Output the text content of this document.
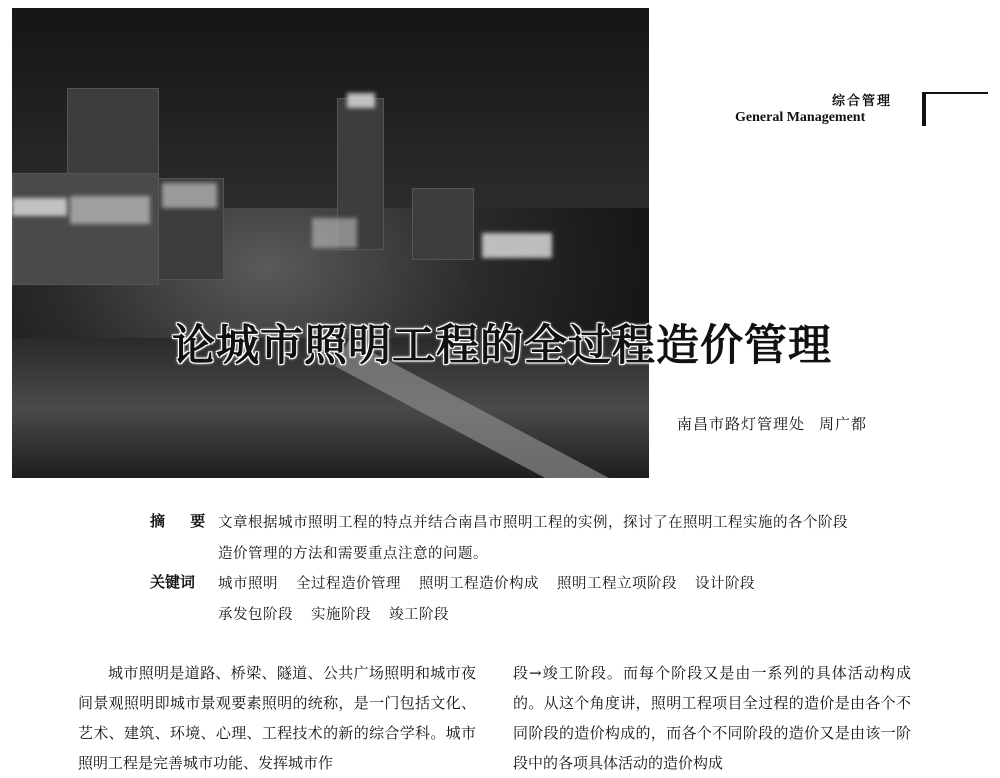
综合管理
General Management
论城市照明工程的全过程造价管理
南昌市路灯管理处 周广都
摘 要 文章根据城市照明工程的特点并结合南昌市照明工程的实例，探讨了在照明工程实施的各个阶段造价管理的方法和需要重点注意的问题。
关键词 城市照明 全过程造价管理 照明工程造价构成 照明工程立项阶段 设计阶段承发包阶段 实施阶段 竣工阶段
城市照明是道路、桥梁、隧道、公共广场照明和城市夜间景观照明即城市景观要素照明的统称，是一门包括文化、艺术、建筑、环境、心理、工程技术的新的综合学科。城市照明工程是完善城市功能、发挥城市作
段→竣工阶段。而每个阶段又是由一系列的具体活动构成的。从这个角度讲，照明工程项目全过程的造价是由各个不同阶段的造价构成的，而各个不同阶段的造价又是由该一阶段中的各项具体活动的造价构成
